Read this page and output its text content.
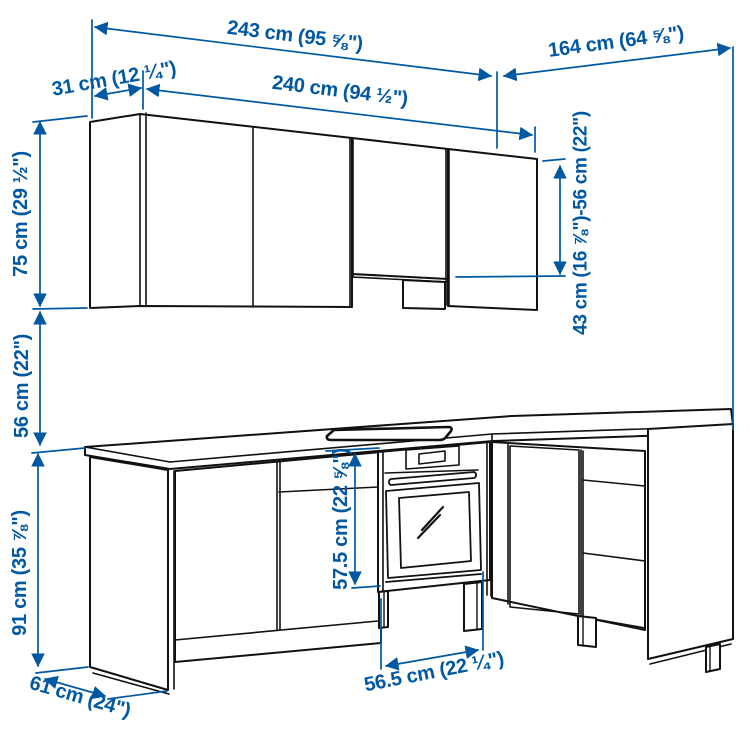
243 cm (95 ⅝")
31 cm (12 ¼")	240 cm (94 ½")
164 cm (64 ⅝")
75 cm (29 ½")
56 cm (22")
43 cm (16 ⅞")-56 cm (22")
57.5 cm (22 ⅝")
91 cm (35 ⅞")
61 cm (24")
56.5 cm (22 ¼")
